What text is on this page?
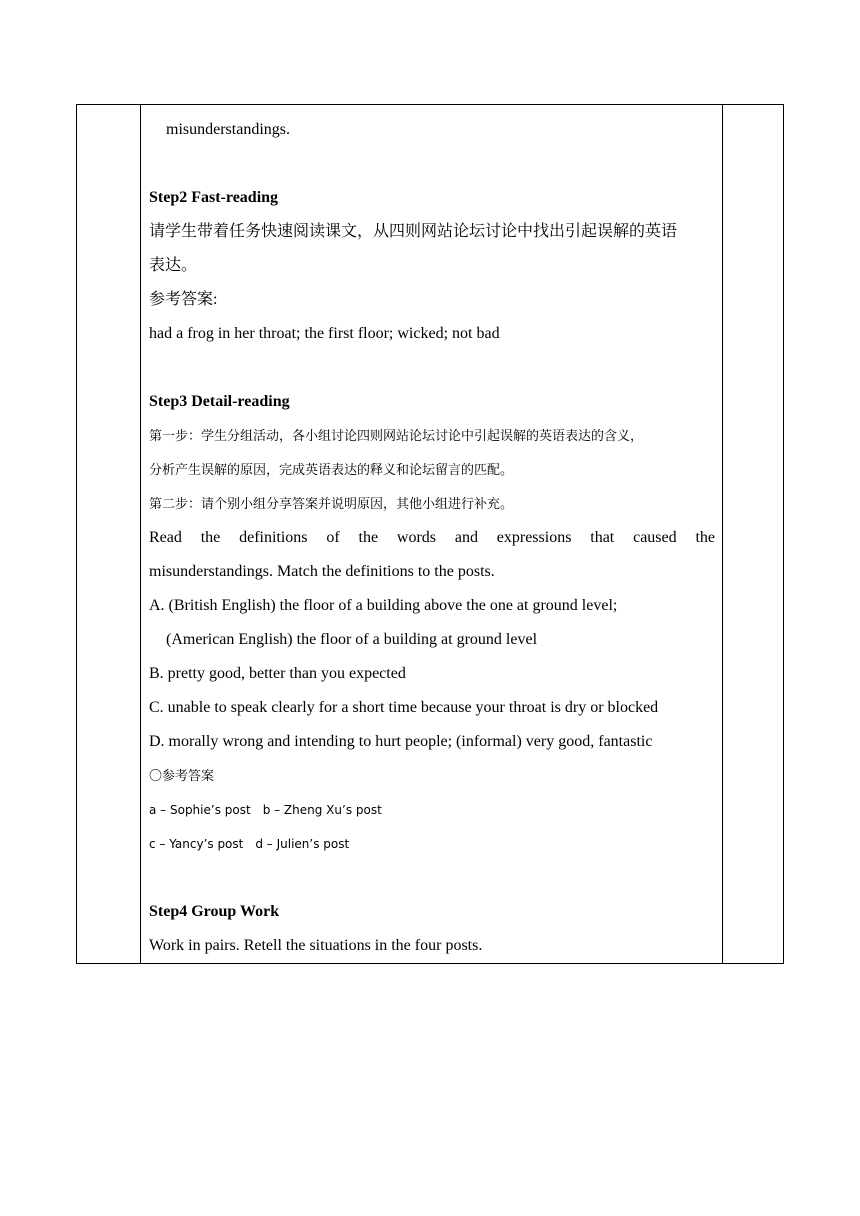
misunderstandings.
Step2 Fast-reading
请学生带着任务快速阅读课文，从四则网站论坛讨论中找出引起误解的英语
表达。
参考答案:
had a frog in her throat; the first floor; wicked; not bad
Step3 Detail-reading
第一步：学生分组活动，各小组讨论四则网站论坛讨论中引起误解的英语表达的含义，
分析产生误解的原因，完成英语表达的释义和论坛留言的匹配。
第二步：请个别小组分享答案并说明原因，其他小组进行补充。
Read the definitions of the words and expressions that caused the
misunderstandings. Match the definitions to the posts.
A. (British English) the floor of a building above the one at ground level;
(American English) the floor of a building at ground level
B. pretty good, better than you expected
C. unable to speak clearly for a short time because your throat is dry or blocked
D. morally wrong and intending to hurt people; (informal) very good, fantastic
〇参考答案
a – Sophie’s post b – Zheng Xu’s post
c – Yancy’s post d – Julien’s post
Step4 Group Work
Work in pairs. Retell the situations in the four posts.
